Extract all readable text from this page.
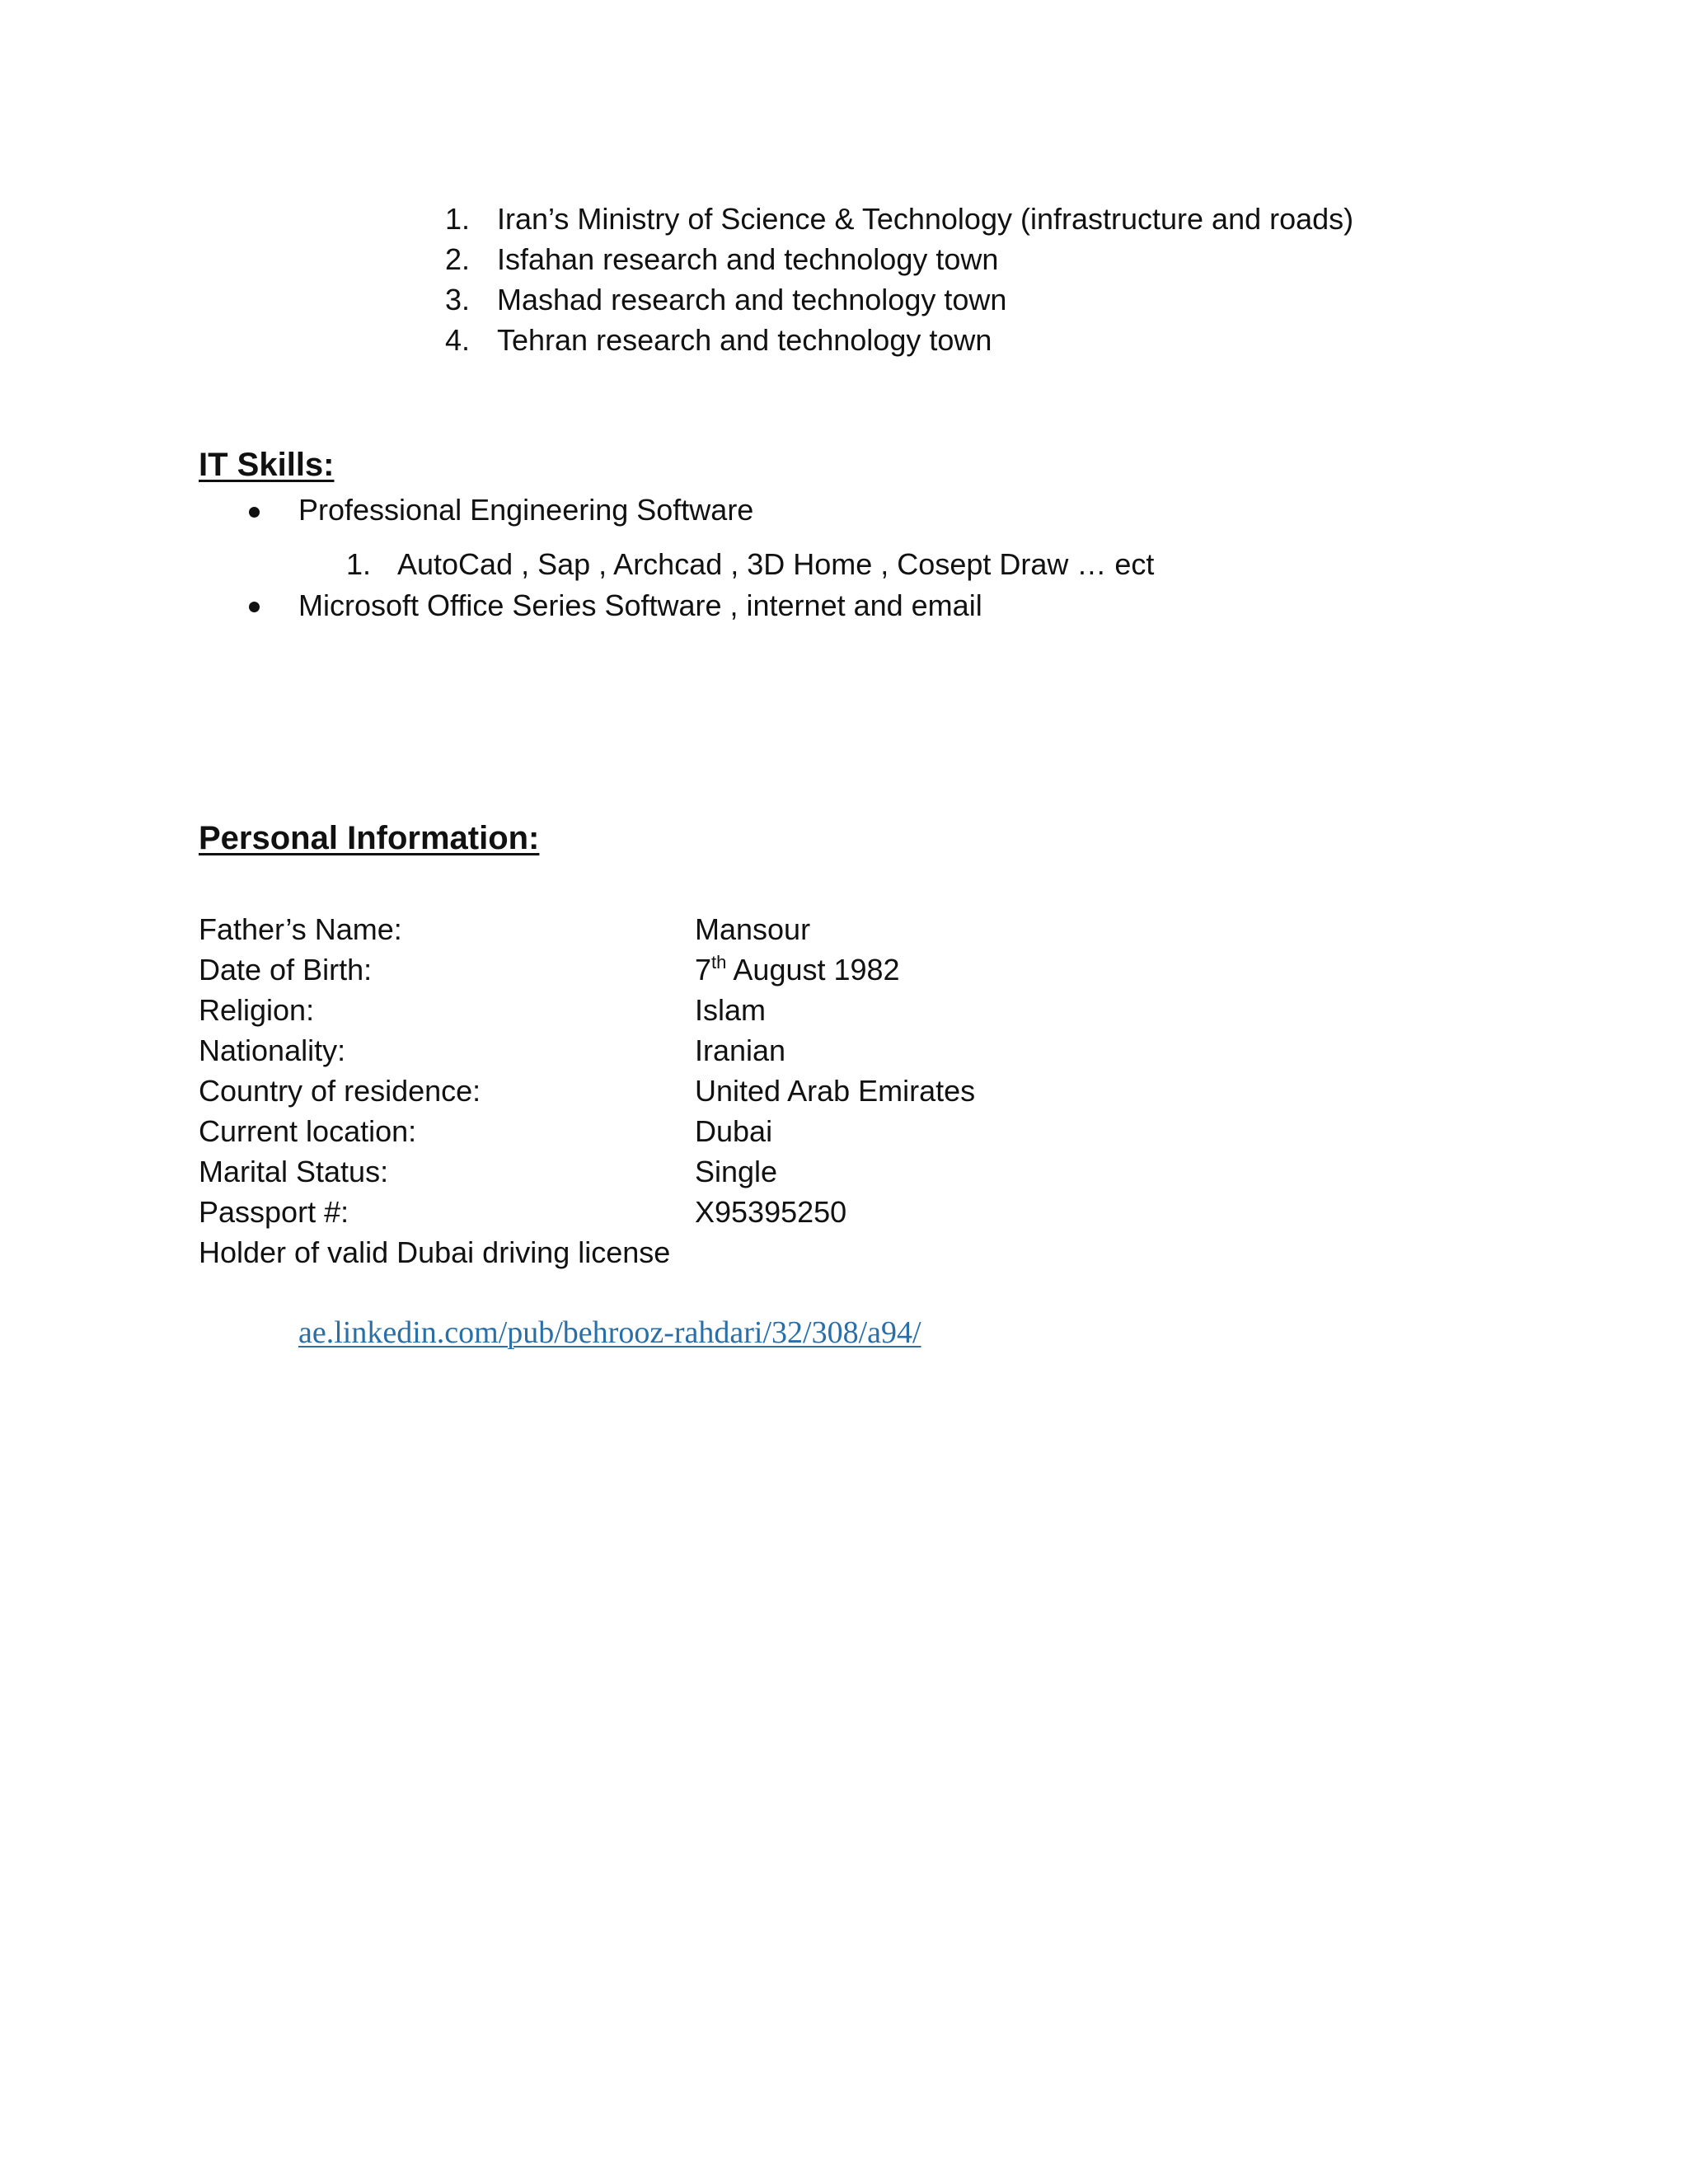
1. Iran’s Ministry of Science & Technology (infrastructure and roads)
2. Isfahan research and technology town
3. Mashad research and technology town
4. Tehran research and technology town
IT Skills:
Professional Engineering Software
1. AutoCad , Sap , Archcad , 3D Home , Cosept Draw … ect
Microsoft Office Series Software , internet and email
Personal Information:
Father’s Name:	Mansour
Date of Birth:	7th August 1982
Religion:	Islam
Nationality:	Iranian
Country of residence:	United Arab Emirates
Current location:	Dubai
Marital Status:	Single
Passport #:	X95395250
Holder of valid Dubai driving license
ae.linkedin.com/pub/behrooz-rahdari/32/308/a94/
